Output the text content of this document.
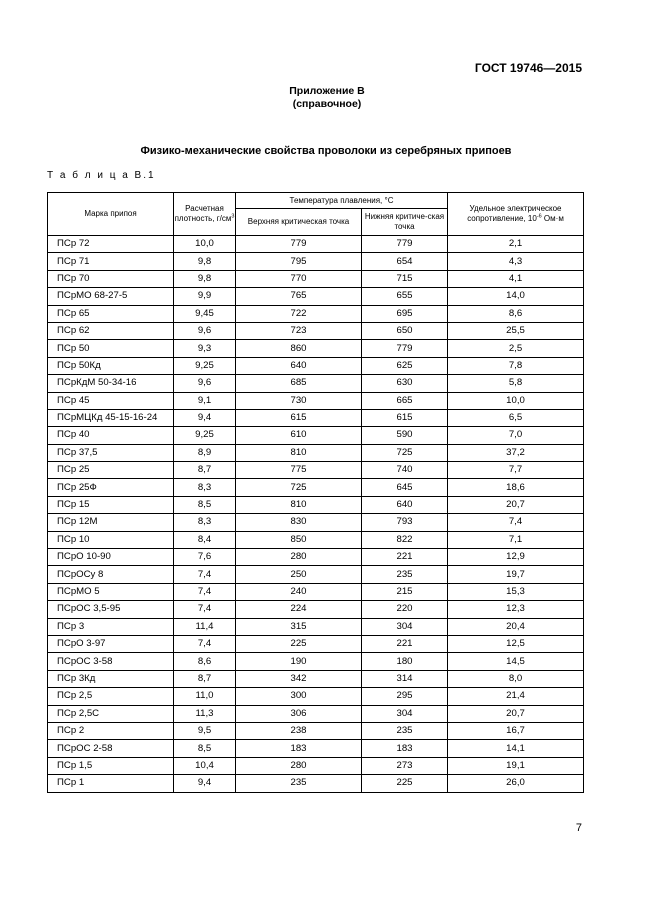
ГОСТ 19746—2015
Приложение В
(справочное)
Физико-механические свойства проволоки из серебряных припоев
Т а б л и ц а В.1
Марка припоя	Расчетная плотность, $г/см^3$	Температура плавления, °С		Удельное электрическое сопротивление, $10^{-6}$ Ом·м
		Верхняя критическая точка	Нижняя критиче-ская точка	
ПСр 72	10,0	779	779	2,1
ПСр 71	9,8	795	654	4,3
ПСр 70	9,8	770	715	4,1
ПСрМО 68-27-5	9,9	765	655	14,0
ПСр 65	9,45	722	695	8,6
ПСр 62	9,6	723	650	25,5
ПСр 50	9,3	860	779	2,5
ПСр 50Кд	9,25	640	625	7,8
ПСрКдМ 50-34-16	9,6	685	630	5,8
ПСр 45	9,1	730	665	10,0
ПСрМЦКд 45-15-16-24	9,4	615	615	6,5
ПСр 40	9,25	610	590	7,0
ПСр 37,5	8,9	810	725	37,2
ПСр 25	8,7	775	740	7,7
ПСр 25Ф	8,3	725	645	18,6
ПСр 15	8,5	810	640	20,7
ПСр 12М	8,3	830	793	7,4
ПСр 10	8,4	850	822	7,1
ПСрО 10-90	7,6	280	221	12,9
ПСрОСу 8	7,4	250	235	19,7
ПСрМО 5	7,4	240	215	15,3
ПСрОС 3,5-95	7,4	224	220	12,3
ПСр 3	11,4	315	304	20,4
ПСрО 3-97	7,4	225	221	12,5
ПСрОС 3-58	8,6	190	180	14,5
ПСр 3Кд	8,7	342	314	8,0
ПСр 2,5	11,0	300	295	21,4
ПСр 2,5С	11,3	306	304	20,7
ПСр 2	9,5	238	235	16,7
ПСрОС 2-58	8,5	183	183	14,1
ПСр 1,5	10,4	280	273	19,1
ПСр 1	9,4	235	225	26,0
7
